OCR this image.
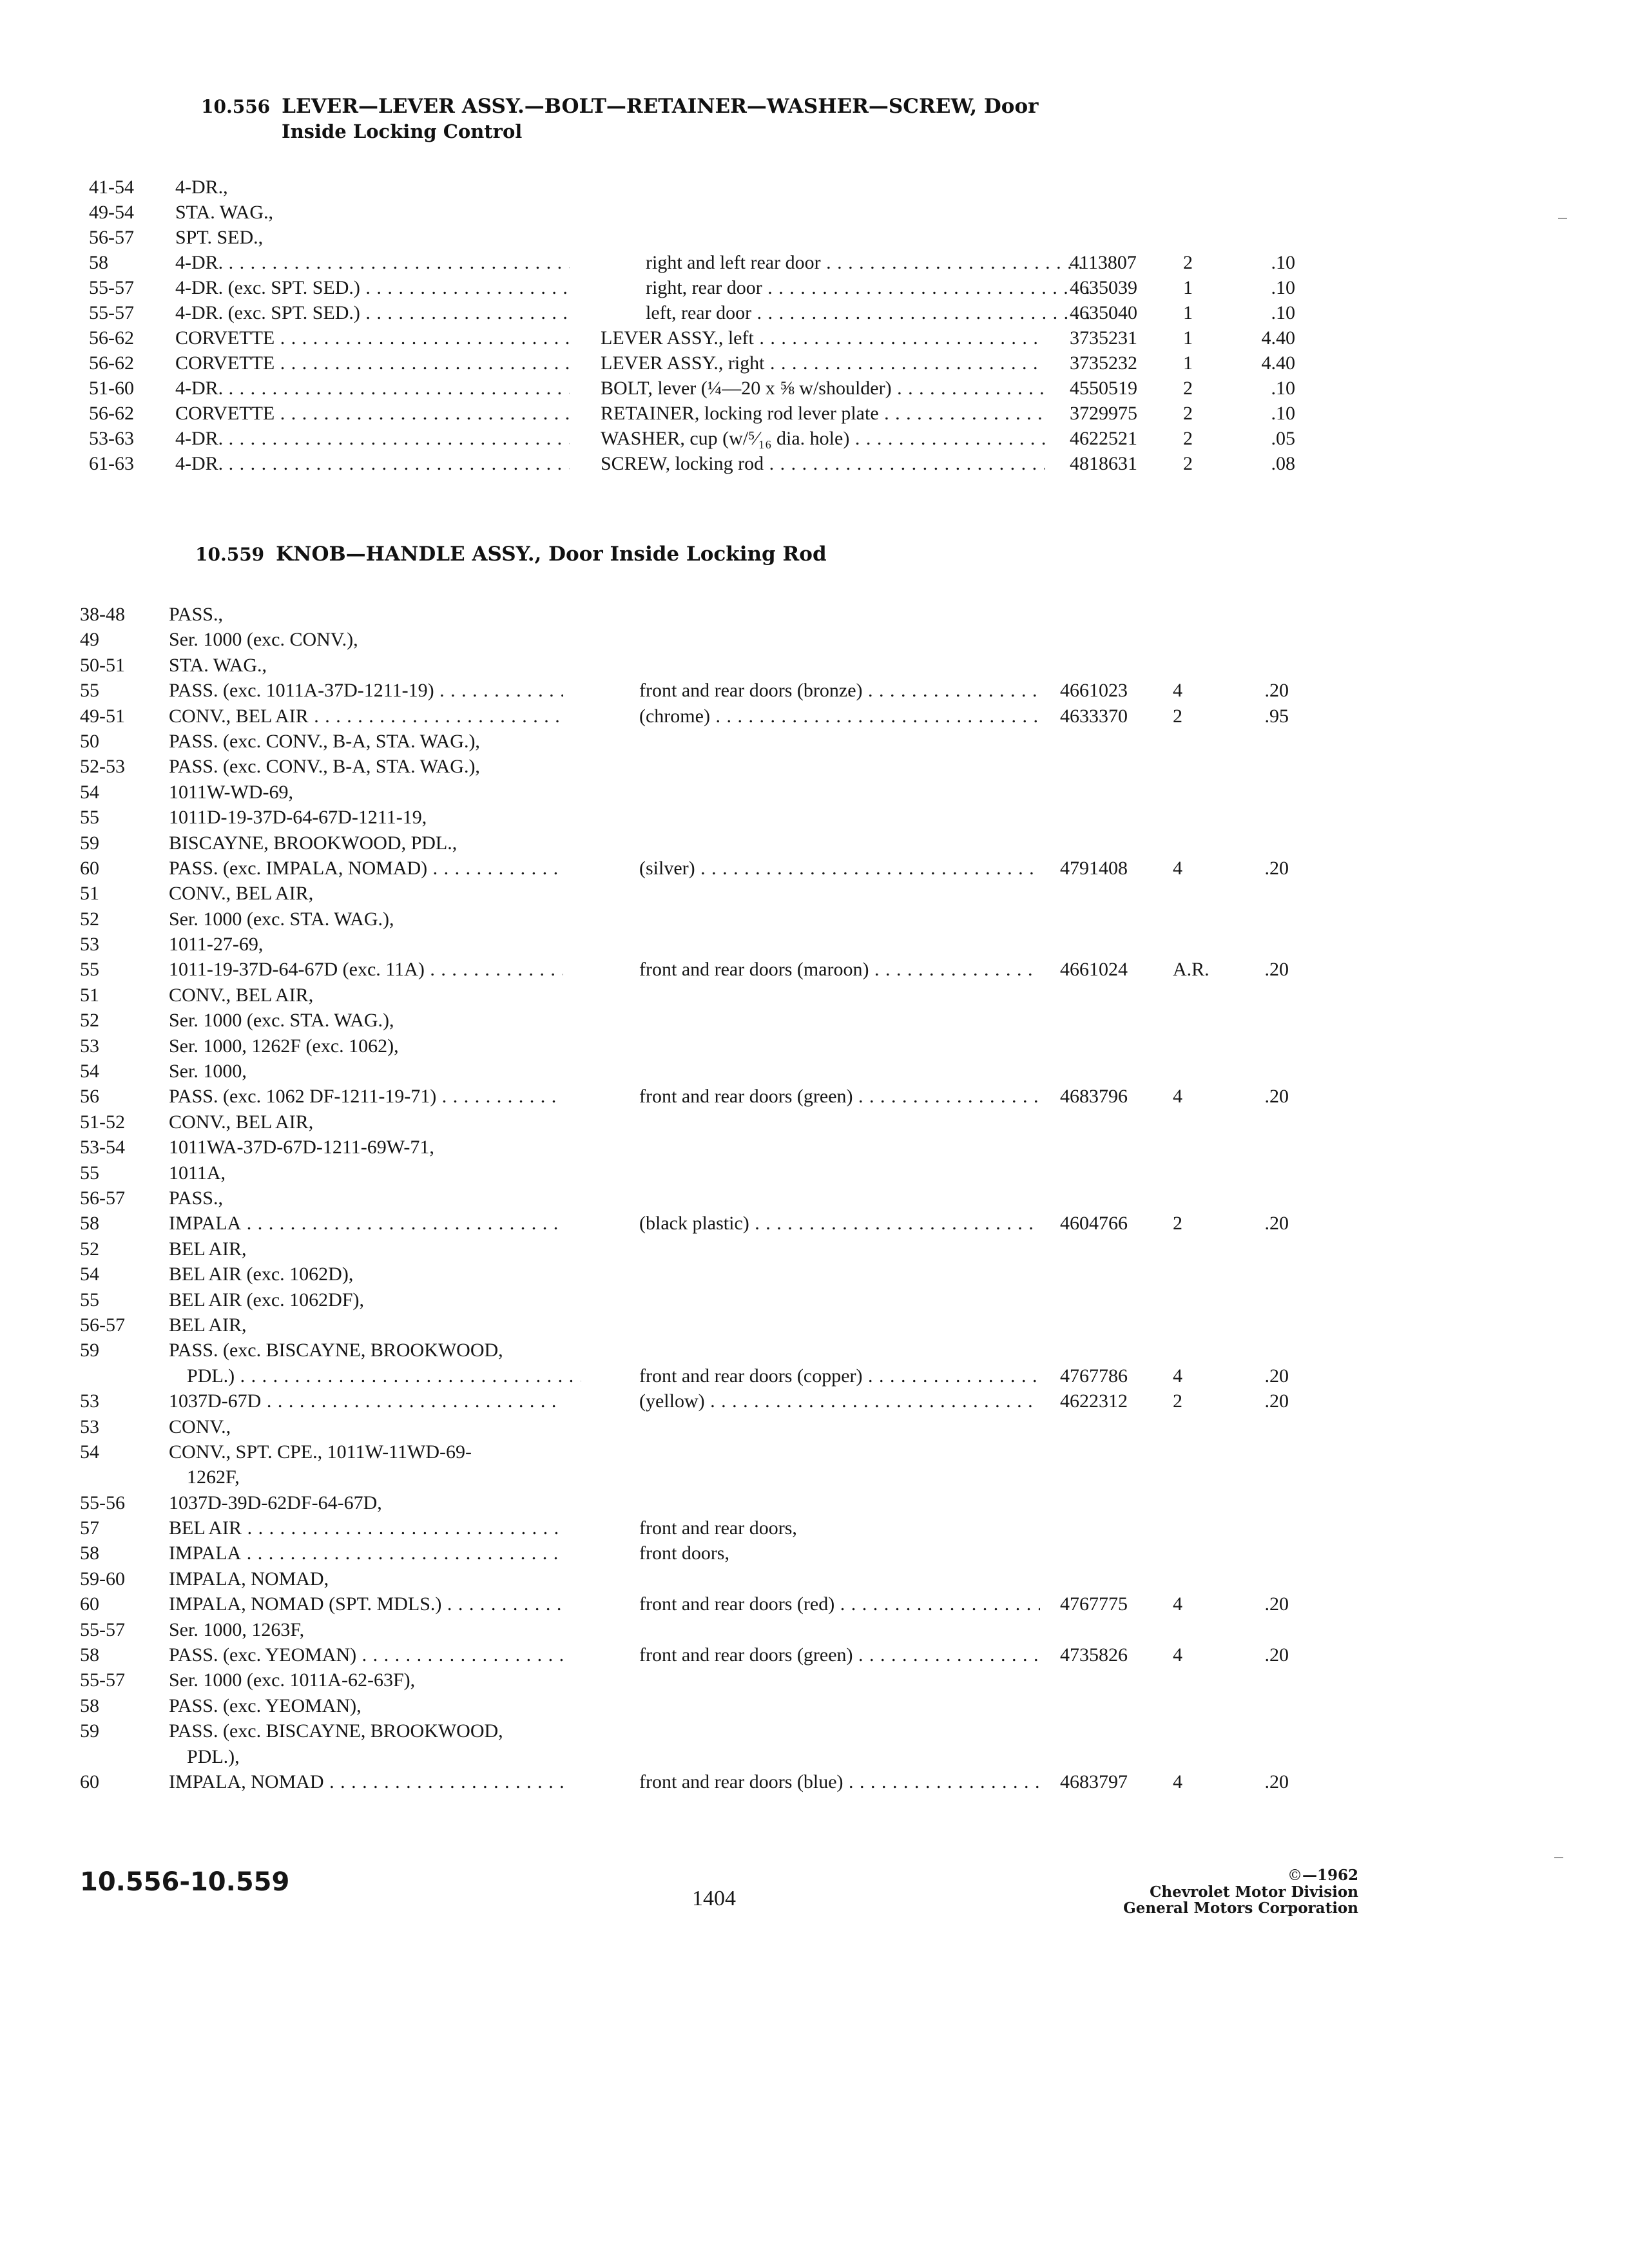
10.556 LEVER—LEVER ASSY.—BOLT—RETAINER—WASHER—SCREW, Door
Inside Locking Control
41-54 4-DR.,
49-54 STA. WAG.,
56-57 SPT. SED.,
58	4-DR. . . .	right and left rear door . . .	4113807 2	.10
55-57 4-DR. (exc. SPT. SED.) . . .	right, rear door . . .	4635039 1	.10
55-57 4-DR. (exc. SPT. SED.) . . .	left, rear door . . .	4635040 1	.10
56-62 CORVETTE . . .	LEVER ASSY., left . . .	3735231 1	4.40
56-62 CORVETTE . . .	LEVER ASSY., right . . .	3735232 1	4.40
51-60 4-DR. . . .	BOLT, lever (¼—20 x ⅝ w/shoulder) . . .	4550519 2	.10
56-62 CORVETTE . . .	RETAINER, locking rod lever plate . . .	3729975 2	.10
53-63 4-DR. . . .	WASHER, cup (w/⁵⁄₁₆ dia. hole) . . .	4622521 2	.05
61-63 4-DR. . . .	SCREW, locking rod . . .	4818631 2	.08
10.559 KNOB—HANDLE ASSY., Door Inside Locking Rod
38-48 PASS.,
49	Ser. 1000 (exc. CONV.),
50-51 STA. WAG.,
55	PASS. (exc. 1011A-37D-1211-19) . . .	front and rear doors (bronze) . . .	4661023 4	.20
49-51 CONV., BEL AIR . . .	(chrome) . . .	4633370 2	.95
50	PASS. (exc. CONV., B-A, STA. WAG.),
52-53 PASS. (exc. CONV., B-A, STA. WAG.),
54	1011W-WD-69,
55	1011D-19-37D-64-67D-1211-19,
59	BISCAYNE, BROOKWOOD, PDL.,
60	PASS. (exc. IMPALA, NOMAD) . . .	(silver) . . .	4791408 4	.20
51	CONV., BEL AIR,
52	Ser. 1000 (exc. STA. WAG.),
53	1011-27-69,
55	1011-19-37D-64-67D (exc. 11A) . . .	front and rear doors (maroon) . . .	4661024 A.R.	.20
51	CONV., BEL AIR,
52	Ser. 1000 (exc. STA. WAG.),
53	Ser. 1000, 1262F (exc. 1062),
54	Ser. 1000,
56	PASS. (exc. 1062 DF-1211-19-71) . . .	front and rear doors (green) . . .	4683796 4	.20
51-52 CONV., BEL AIR,
53-54 1011WA-37D-67D-1211-69W-71,
55	1011A,
56-57 PASS.,
58	IMPALA . . .	(black plastic) . . .	4604766 2	.20
52	BEL AIR,
54	BEL AIR (exc. 1062D),
55	BEL AIR (exc. 1062DF),
56-57 BEL AIR,
59	PASS. (exc. BISCAYNE, BROOKWOOD,
PDL.) . . .	front and rear doors (copper) . . .	4767786 4	.20
53	1037D-67D . . .	(yellow) . . .	4622312 2	.20
53	CONV.,
54	CONV., SPT. CPE., 1011W-11WD-69-
1262F,
55-56 1037D-39D-62DF-64-67D,
57	BEL AIR . . .	front and rear doors,
58	IMPALA . . .	front doors,
59-60 IMPALA, NOMAD,
60	IMPALA, NOMAD (SPT. MDLS.) . . .	front and rear doors (red) . . .	4767775 4	.20
55-57 Ser. 1000, 1263F,
58	PASS. (exc. YEOMAN) . . .	front and rear doors (green) . . .	4735826 4	.20
55-57 Ser. 1000 (exc. 1011A-62-63F),
58	PASS. (exc. YEOMAN),
59	PASS. (exc. BISCAYNE, BROOKWOOD,
PDL.),
60	IMPALA, NOMAD . . .	front and rear doors (blue) . . .	4683797 4	.20
10.556-10.559
1404
©—1962
Chevrolet Motor Division
General Motors Corporation
